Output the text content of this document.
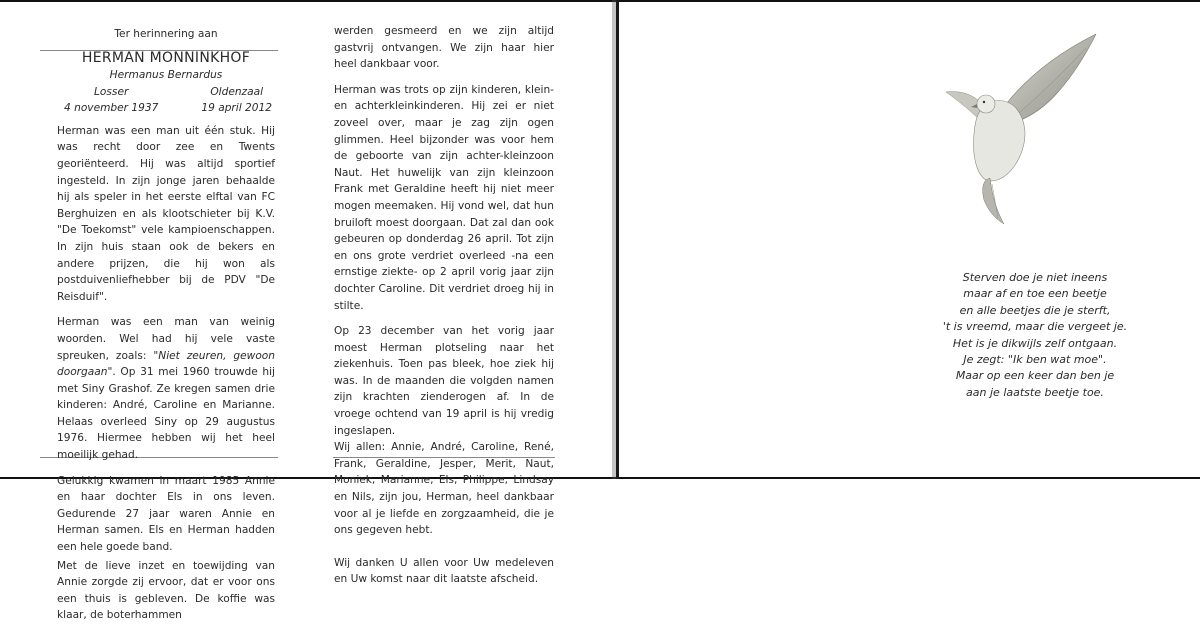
Ter herinnering aan
HERMAN MONNINKHOF
Hermanus Bernardus
Losser
4 november 1937
Oldenzaal
19 april 2012
Herman was een man uit één stuk. Hij was recht door zee en Twents georiënteerd. Hij was altijd sportief ingesteld. In zijn jonge jaren behaalde hij als speler in het eerste elftal van FC Berghuizen en als klootschieter bij K.V. "De Toekomst" vele kampioenschappen. In zijn huis staan ook de bekers en andere prijzen, die hij won als postduivenliefhebber bij de PDV "De Reisduif".
Herman was een man van weinig woorden. Wel had hij vele vaste spreuken, zoals: "Niet zeuren, gewoon doorgaan". Op 31 mei 1960 trouwde hij met Siny Grashof. Ze kregen samen drie kinderen: André, Caroline en Marianne. Helaas overleed Siny op 29 augustus 1976. Hiermee hebben wij het heel moeilijk gehad.
Gelukkig kwamen in maart 1985 Annie en haar dochter Els in ons leven. Gedurende 27 jaar waren Annie en Herman samen. Els en Herman hadden een hele goede band.
Met de lieve inzet en toewijding van Annie zorgde zij ervoor, dat er voor ons een thuis is gebleven. De koffie was klaar, de boterhammen
werden gesmeerd en we zijn altijd gastvrij ontvangen. We zijn haar hier heel dankbaar voor.
Herman was trots op zijn kinderen, klein- en achterkleinkinderen. Hij zei er niet zoveel over, maar je zag zijn ogen glimmen. Heel bijzonder was voor hem de geboorte van zijn achter-kleinzoon Naut. Het huwelijk van zijn kleinzoon Frank met Geraldine heeft hij niet meer mogen meemaken. Hij vond wel, dat hun bruiloft moest doorgaan. Dat zal dan ook gebeuren op donderdag 26 april. Tot zijn en ons grote verdriet overleed -na een ernstige ziekte- op 2 april vorig jaar zijn dochter Caroline. Dit verdriet droeg hij in stilte.
Op 23 december van het vorig jaar moest Herman plotseling naar het ziekenhuis. Toen pas bleek, hoe ziek hij was. In de maanden die volgden namen zijn krachten zienderogen af. In de vroege ochtend van 19 april is hij vredig ingeslapen.
Wij allen: Annie, André, Caroline, René, Frank, Geraldine, Jesper, Merit, Naut, Moniek, Marianne, Els, Philippe, Lindsay en Nils, zijn jou, Herman, heel dankbaar voor al je liefde en zorgzaamheid, die je ons gegeven hebt.
Wij danken U allen voor Uw medeleven en Uw komst naar dit laatste afscheid.
Sterven doe je niet ineens
maar af en toe een beetje
en alle beetjes die je sterft,
't is vreemd, maar die vergeet je.
Het is je dikwijls zelf ontgaan.
Je zegt: "Ik ben wat moe".
Maar op een keer dan ben je
aan je laatste beetje toe.
